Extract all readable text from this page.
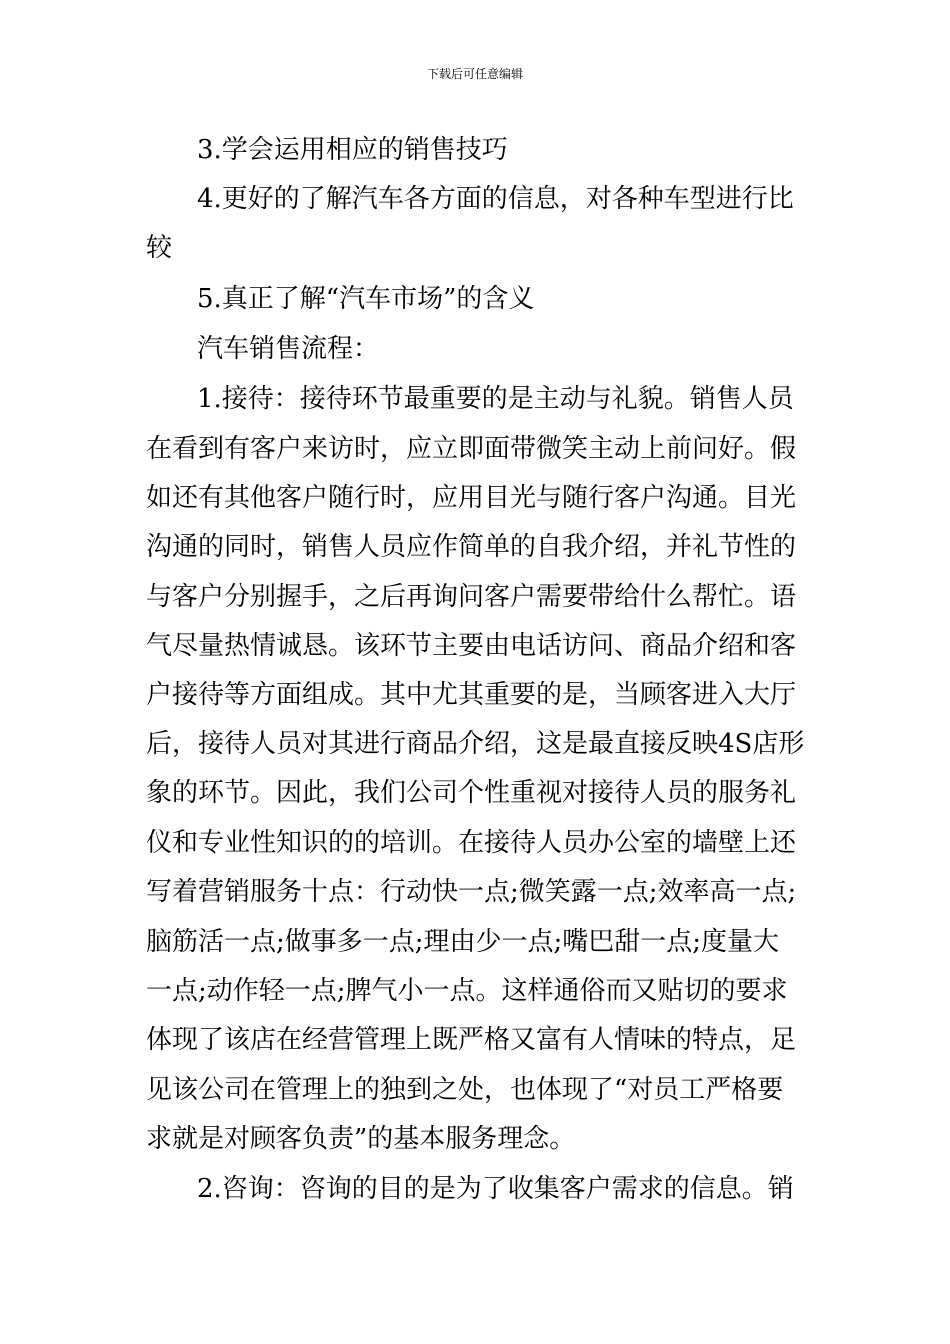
下载后可任意编辑
3.学会运用相应的销售技巧
4.更好的了解汽车各方面的信息，对各种车型进行比
较
5.真正了解“汽车市场”的含义
汽车销售流程：
1.接待：接待环节最重要的是主动与礼貌。销售人员
在看到有客户来访时，应立即面带微笑主动上前问好。假
如还有其他客户随行时，应用目光与随行客户沟通。目光
沟通的同时，销售人员应作简单的自我介绍，并礼节性的
与客户分别握手，之后再询问客户需要带给什么帮忙。语
气尽量热情诚恳。该环节主要由电话访问、商品介绍和客
户接待等方面组成。其中尤其重要的是，当顾客进入大厅
后，接待人员对其进行商品介绍，这是最直接反映4S店形
象的环节。因此，我们公司个性重视对接待人员的服务礼
仪和专业性知识的的培训。在接待人员办公室的墙壁上还
写着营销服务十点：行动快一点;微笑露一点;效率高一点;
脑筋活一点;做事多一点;理由少一点;嘴巴甜一点;度量大
一点;动作轻一点;脾气小一点。这样通俗而又贴切的要求
体现了该店在经营管理上既严格又富有人情味的特点，足
见该公司在管理上的独到之处，也体现了“对员工严格要
求就是对顾客负责”的基本服务理念。
2.咨询：咨询的目的是为了收集客户需求的信息。销
